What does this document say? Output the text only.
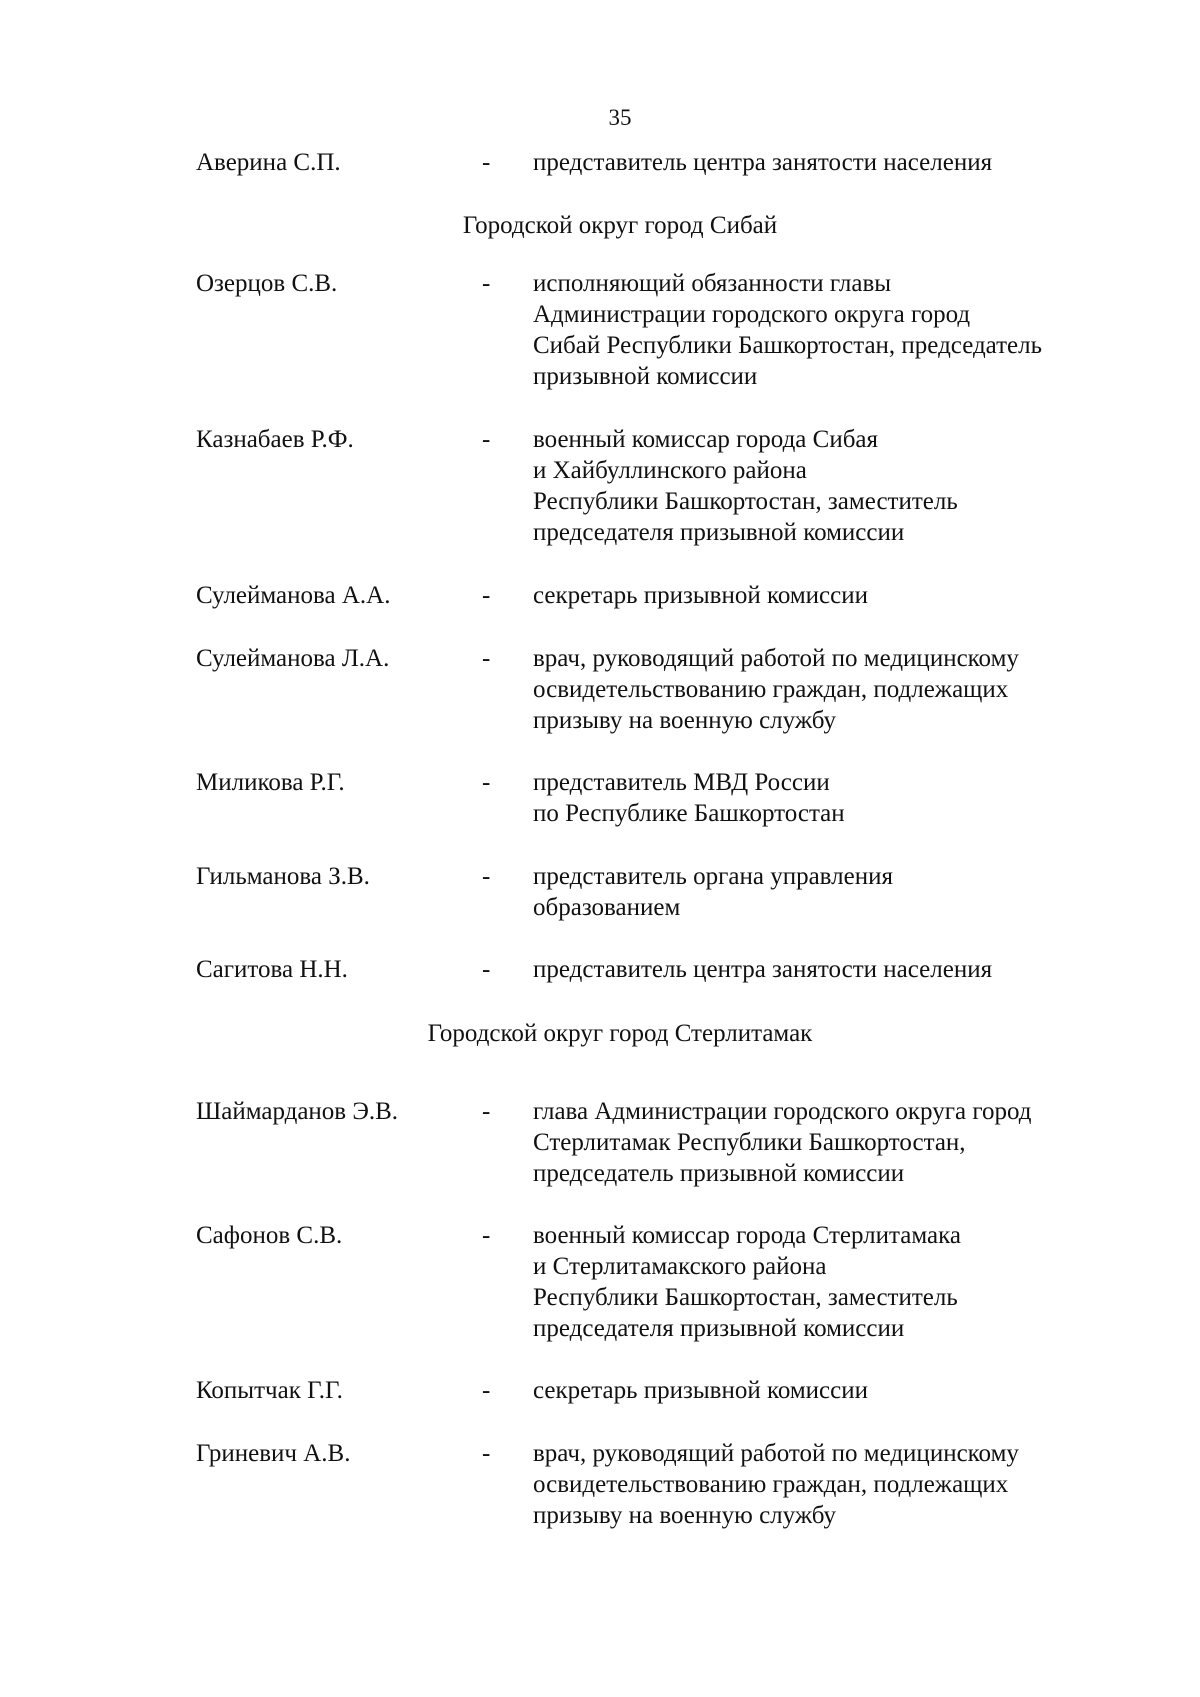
35
Аверина С.П.	- представитель центра занятости населения
Городской округ город Сибай
Озерцов С.В.	- исполняющий обязанности главы
Администрации городского округа город
Сибай Республики Башкортостан, председатель
призывной комиссии
Казнабаев Р.Ф.	- военный комиссар города Сибая
и Хайбуллинского района
Республики Башкортостан, заместитель
председателя призывной комиссии
Сулейманова А.А.	- секретарь призывной комиссии
Сулейманова Л.А.	- врач, руководящий работой по медицинскому
освидетельствованию граждан, подлежащих
призыву на военную службу
Миликова Р.Г.	- представитель МВД России
по Республике Башкортостан
Гильманова З.В.	- представитель органа управления
образованием
Сагитова Н.Н.	- представитель центра занятости населения
Городской округ город Стерлитамак
Шаймарданов Э.В.	- глава Администрации городского округа город
Стерлитамак Республики Башкортостан,
председатель призывной комиссии
Сафонов С.В.	- военный комиссар города Стерлитамака
и Стерлитамакского района
Республики Башкортостан, заместитель
председателя призывной комиссии
Копытчак Г.Г.	- секретарь призывной комиссии
Гриневич А.В.	- врач, руководящий работой по медицинскому
освидетельствованию граждан, подлежащих
призыву на военную службу
